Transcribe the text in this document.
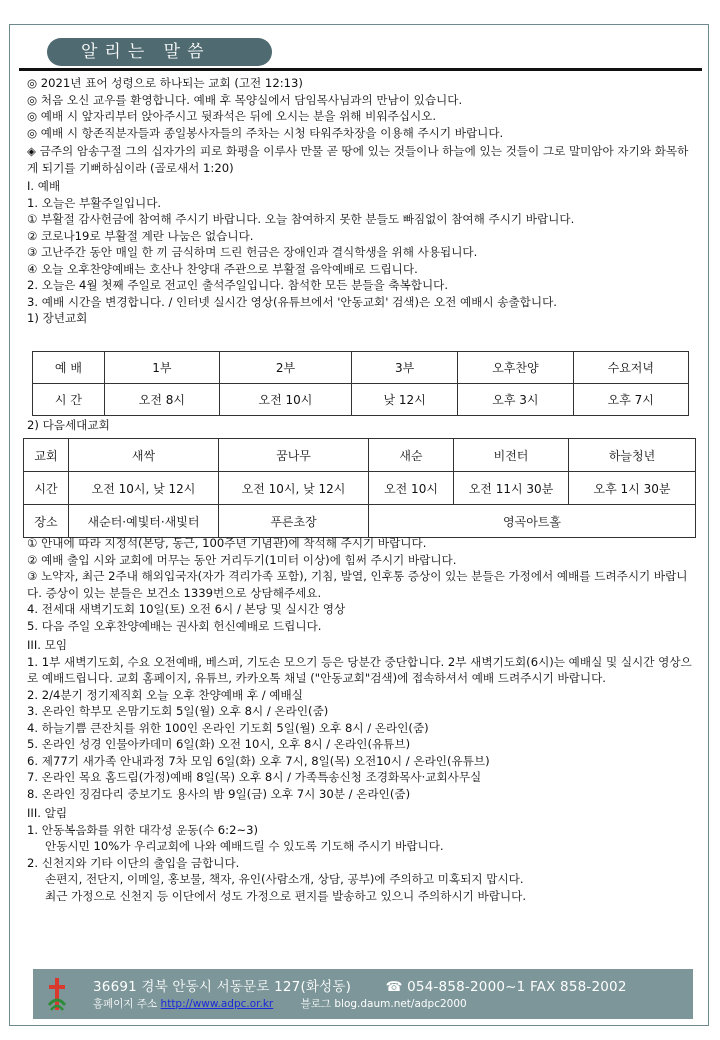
알리는 말씀
◎ 2021년 표어 성령으로 하나되는 교회 (고전 12:13)
◎ 처음 오신 교우를 환영합니다. 예배 후 목양실에서 담임목사님과의 만남이 있습니다.
◎ 예배 시 앞자리부터 앉아주시고 뒷좌석은 뒤에 오시는 분을 위해 비워주십시오.
◎ 예배 시 항존직분자들과 종일봉사자들의 주차는 시청 타워주차장을 이용해 주시기 바랍니다.
◈ 금주의 암송구절 그의 십자가의 피로 화평을 이루사 만물 곧 땅에 있는 것들이나 하늘에 있는 것들이 그로 말미암아 자기와 화목하게 되기를 기뻐하심이라 (골로새서 1:20)
I. 예배
1. 오늘은 부활주일입니다.
① 부활절 감사헌금에 참여해 주시기 바랍니다. 오늘 참여하지 못한 분들도 빠짐없이 참여해 주시기 바랍니다.
② 코로나19로 부활절 계란 나눔은 없습니다.
③ 고난주간 동안 매일 한 끼 금식하며 드린 헌금은 장애인과 결식학생을 위해 사용됩니다.
④ 오늘 오후찬양예배는 호산나 찬양대 주관으로 부활절 음악예배로 드립니다.
2. 오늘은 4월 첫째 주일로 전교인 출석주일입니다. 참석한 모든 분들을 축복합니다.
3. 예배 시간을 변경합니다. / 인터넷 실시간 영상(유튜브에서 '안동교회' 검색)은 오전 예배시 송출합니다.
1) 장년교회
예 배	1부	2부	3부	오후찬양	수요저녁
시 간	오전 8시	오전 10시	낮 12시	오후 3시	오후 7시
2) 다음세대교회
교회	새싹	꿈나무	새순	비전터	하늘청년
시간	오전 10시, 낮 12시	오전 10시, 낮 12시	오전 10시	오전 11시 30분	오후 1시 30분
장소	새순터·예빛터·새빛터	푸른초장	영곡아트홀		
① 안내에 따라 지정석(본당, 동근, 100주년 기념관)에 착석해 주시기 바랍니다.
② 예배 출입 시와 교회에 머무는 동안 거리두기(1미터 이상)에 힘써 주시기 바랍니다.
③ 노약자, 최근 2주내 해외입국자(자가 격리가족 포함), 기침, 발열, 인후통 증상이 있는 분들은 가정에서 예배를 드려주시기 바랍니다. 증상이 있는 분들은 보건소 1339번으로 상담해주세요.
4. 전세대 새벽기도회 10일(토) 오전 6시 / 본당 및 실시간 영상
5. 다음 주일 오후찬양예배는 권사회 헌신예배로 드립니다.
III. 모임
1. 1부 새벽기도회, 수요 오전예배, 베스퍼, 기도손 모으기 등은 당분간 중단합니다. 2부 새벽기도회(6시)는 예배실 및 실시간 영상으로 예배드립니다. 교회 홈페이지, 유튜브, 카카오톡 채널 ("안동교회"검색)에 접속하셔서 예배 드려주시기 바랍니다.
2. 2/4분기 정기제직회 오늘 오후 찬양예배 후 / 예배실
3. 온라인 학부모 온맘기도회 5일(월) 오후 8시 / 온라인(줌)
4. 하늘기쁨 큰잔치를 위한 100인 온라인 기도회 5일(월) 오후 8시 / 온라인(줌)
5. 온라인 성경 인물아카데미 6일(화) 오전 10시, 오후 8시 / 온라인(유튜브)
6. 제77기 새가족 안내과정 7차 모임 6일(화) 오후 7시, 8일(목) 오전10시 / 온라인(유튜브)
7. 온라인 목요 홈드림(가정)예배 8일(목) 오후 8시 / 가족특송신청 조경화목사·교회사무실
8. 온라인 징검다리 중보기도 용사의 밤 9일(금) 오후 7시 30분 / 온라인(줌)
III. 알림
1. 안동복음화를 위한 대각성 운동(수 6:2~3)
안동시민 10%가 우리교회에 나와 예배드릴 수 있도록 기도해 주시기 바랍니다.
2. 신천지와 기타 이단의 출입을 금합니다.
손편지, 전단지, 이메일, 홍보물, 책자, 유인(사람소개, 상담, 공부)에 주의하고 미혹되지 맙시다.
최근 가정으로 신천지 등 이단에서 성도 가정으로 편지를 발송하고 있으니 주의하시기 바랍니다.
36691 경북 안동시 서동문로 127(화성동)	☎ 054-858-2000~1 FAX 858-2002
홈페이지 주소 http://www.adpc.or.kr	블로그 blog.daum.net/adpc2000
